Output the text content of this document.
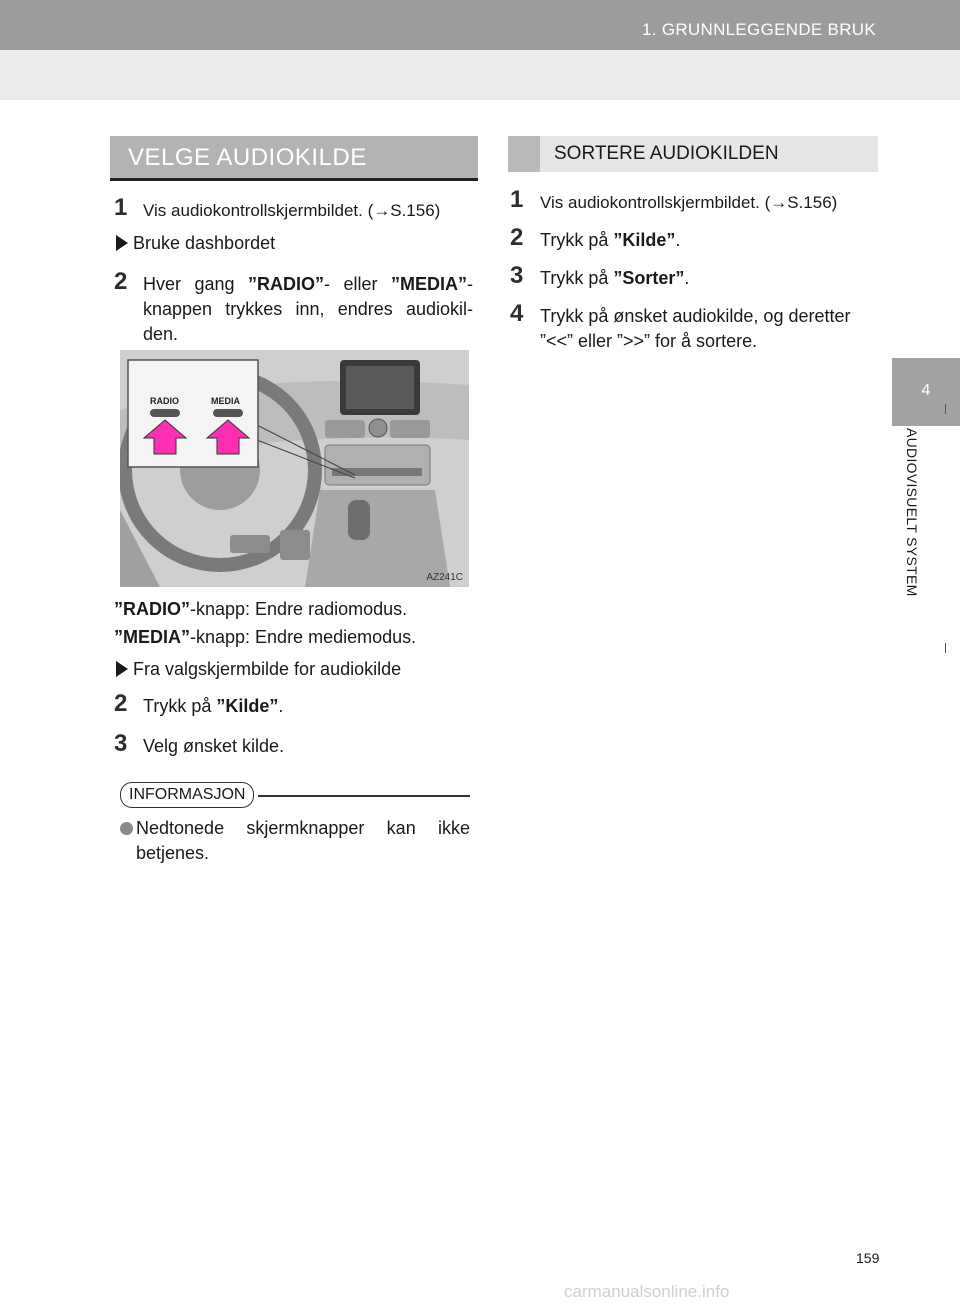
1. GRUNNLEGGENDE BRUK
4
AUDIOVISUELT SYSTEM
VELGE AUDIOKILDE
1 Vis audiokontrollskjermbildet. (→S.156)
Bruke dashbordet
2 Hver gang ”RADIO”- eller ”MEDIA”-knappen trykkes inn, endres audiokil-den.
RADIO	MEDIA
AZ241C
”RADIO”-knapp: Endre radiomodus.
”MEDIA”-knapp: Endre mediemodus.
Fra valgskjermbilde for audiokilde
2 Trykk på ”Kilde”.
3 Velg ønsket kilde.
INFORMASJON
Nedtonede skjermknapper kan ikke betjenes.
SORTERE AUDIOKILDEN
1 Vis audiokontrollskjermbildet. (→S.156)
2 Trykk på ”Kilde”.
3 Trykk på ”Sorter”.
4 Trykk på ønsket audiokilde, og deretter ”<<” eller ”>>” for å sortere.
159
carmanualsonline.info
